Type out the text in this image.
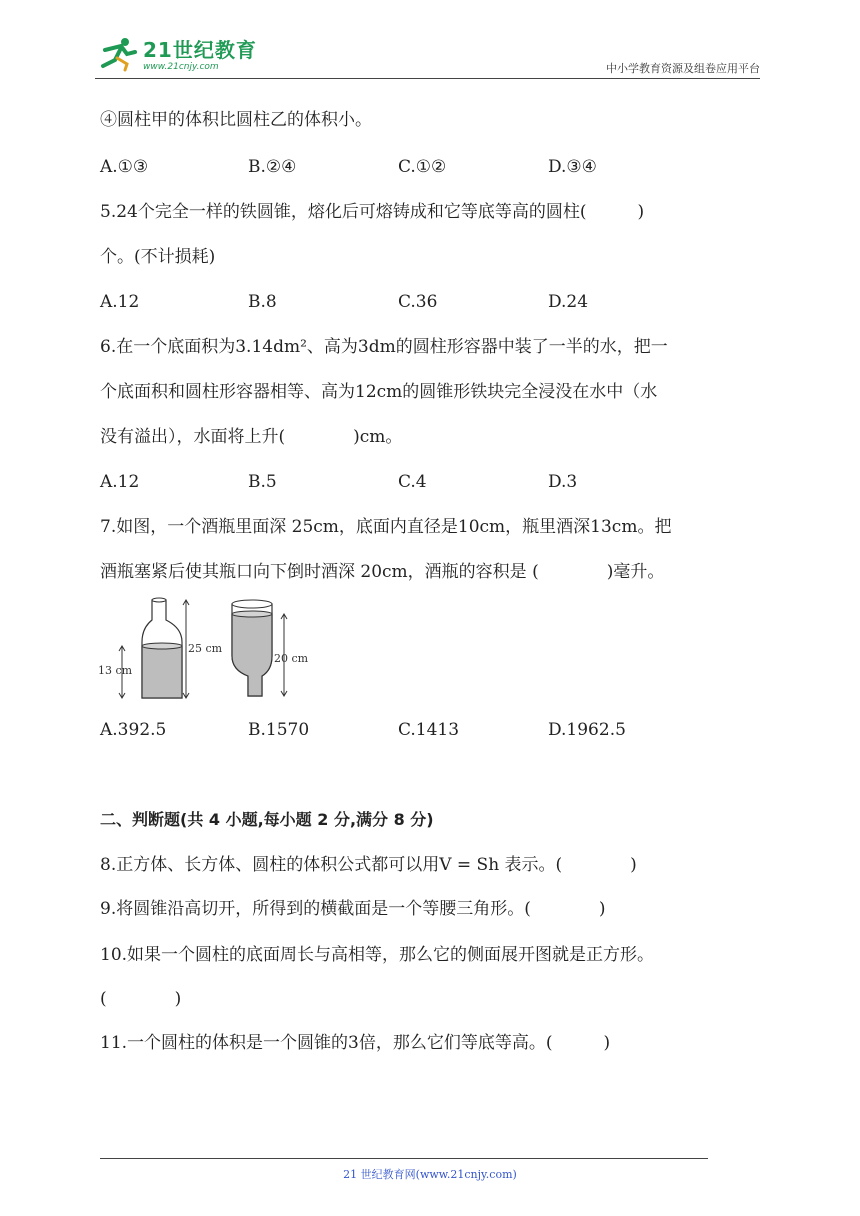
21世纪教育
www.21cnjy.com	中小学教育资源及组卷应用平台
④圆柱甲的体积比圆柱乙的体积小。
A.①③	B.②④	C.①②	D.③④
5.24个完全一样的铁圆锥，熔化后可熔铸成和它等底等高的圆柱(　　　)
个。(不计损耗)
A.12	B.8	C.36	D.24
6.在一个底面积为3.14dm²、高为3dm的圆柱形容器中装了一半的水，把一
个底面积和圆柱形容器相等、高为12cm的圆锥形铁块完全浸没在水中（水
没有溢出），水面将上升(　　　　)cm。
A.12	B.5	C.4	D.3
7.如图，一个酒瓶里面深 25cm，底面内直径是10cm，瓶里酒深13cm。把
酒瓶塞紧后使其瓶口向下倒时酒深 20cm，酒瓶的容积是 (　　　　)毫升。
13 cm
25 cm
20 cm
A.392.5	B.1570	C.1413	D.1962.5
二、判断题(共 4 小题,每小题 2 分,满分 8 分)
8.正方体、长方体、圆柱的体积公式都可以用V = Sh 表示。(　　　　)
9.将圆锥沿高切开，所得到的横截面是一个等腰三角形。(　　　　)
10.如果一个圆柱的底面周长与高相等，那么它的侧面展开图就是正方形。
(　　　　)
11.一个圆柱的体积是一个圆锥的3倍，那么它们等底等高。(　　　)
21 世纪教育网(www.21cnjy.com)
